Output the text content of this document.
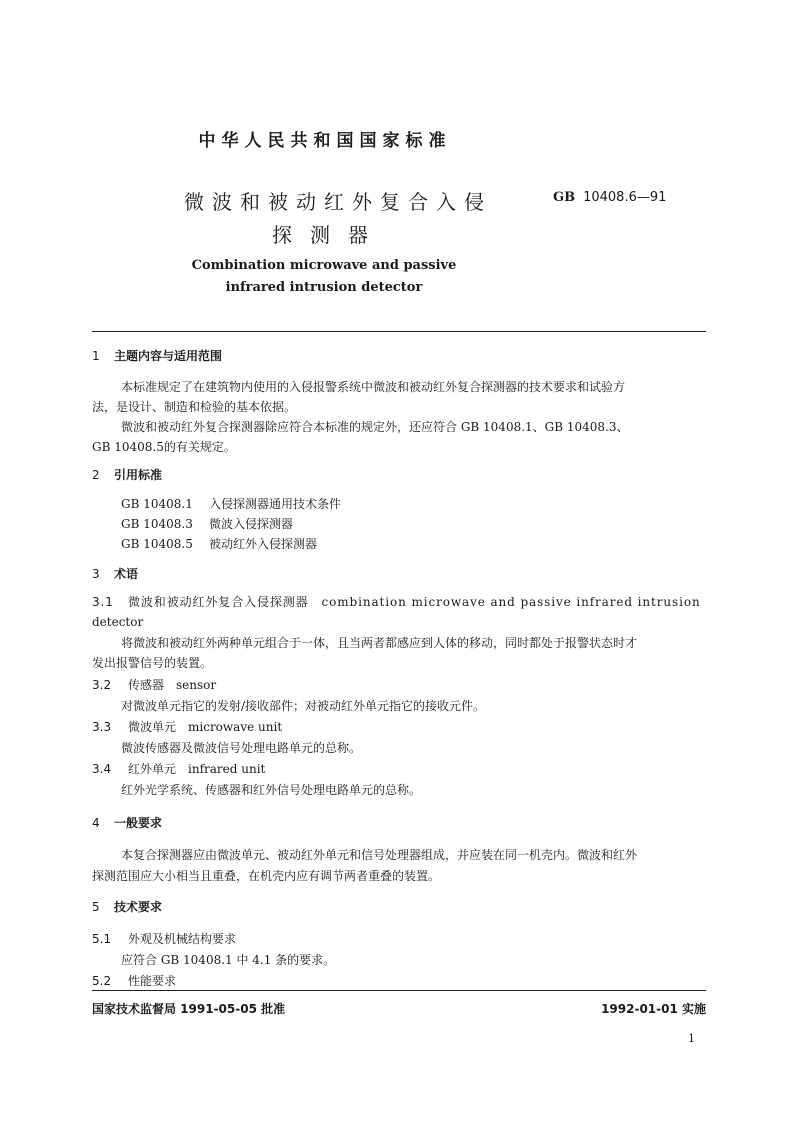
中华人民共和国国家标准
微波和被动红外复合入侵
探测器
GB 10408.6—91
Combination microwave and passive
infrared intrusion detector
1 主题内容与适用范围
本标准规定了在建筑物内使用的入侵报警系统中微波和被动红外复合探测器的技术要求和试验方
法，是设计、制造和检验的基本依据。
微波和被动红外复合探测器除应符合本标准的规定外，还应符合 GB 10408.1、GB 10408.3、
GB 10408.5的有关规定。
2 引用标准
GB 10408.1 入侵探测器通用技术条件
GB 10408.3 微波入侵探测器
GB 10408.5 被动红外入侵探测器
3 术语
3.1 微波和被动红外复合入侵探测器　combination microwave and passive infrared intrusion
detector
将微波和被动红外两种单元组合于一体，且当两者都感应到人体的移动，同时都处于报警状态时才
发出报警信号的装置。
3.2 传感器　sensor
对微波单元指它的发射/接收部件；对被动红外单元指它的接收元件。
3.3 微波单元　microwave unit
微波传感器及微波信号处理电路单元的总称。
3.4 红外单元　infrared unit
红外光学系统、传感器和红外信号处理电路单元的总称。
4 一般要求
本复合探测器应由微波单元、被动红外单元和信号处理器组成，并应装在同一机壳内。微波和红外
探测范围应大小相当且重叠，在机壳内应有调节两者重叠的装置。
5 技术要求
5.1 外观及机械结构要求
应符合 GB 10408.1 中 4.1 条的要求。
5.2 性能要求
国家技术监督局 1991-05-05 批准	1992-01-01 实施
1
